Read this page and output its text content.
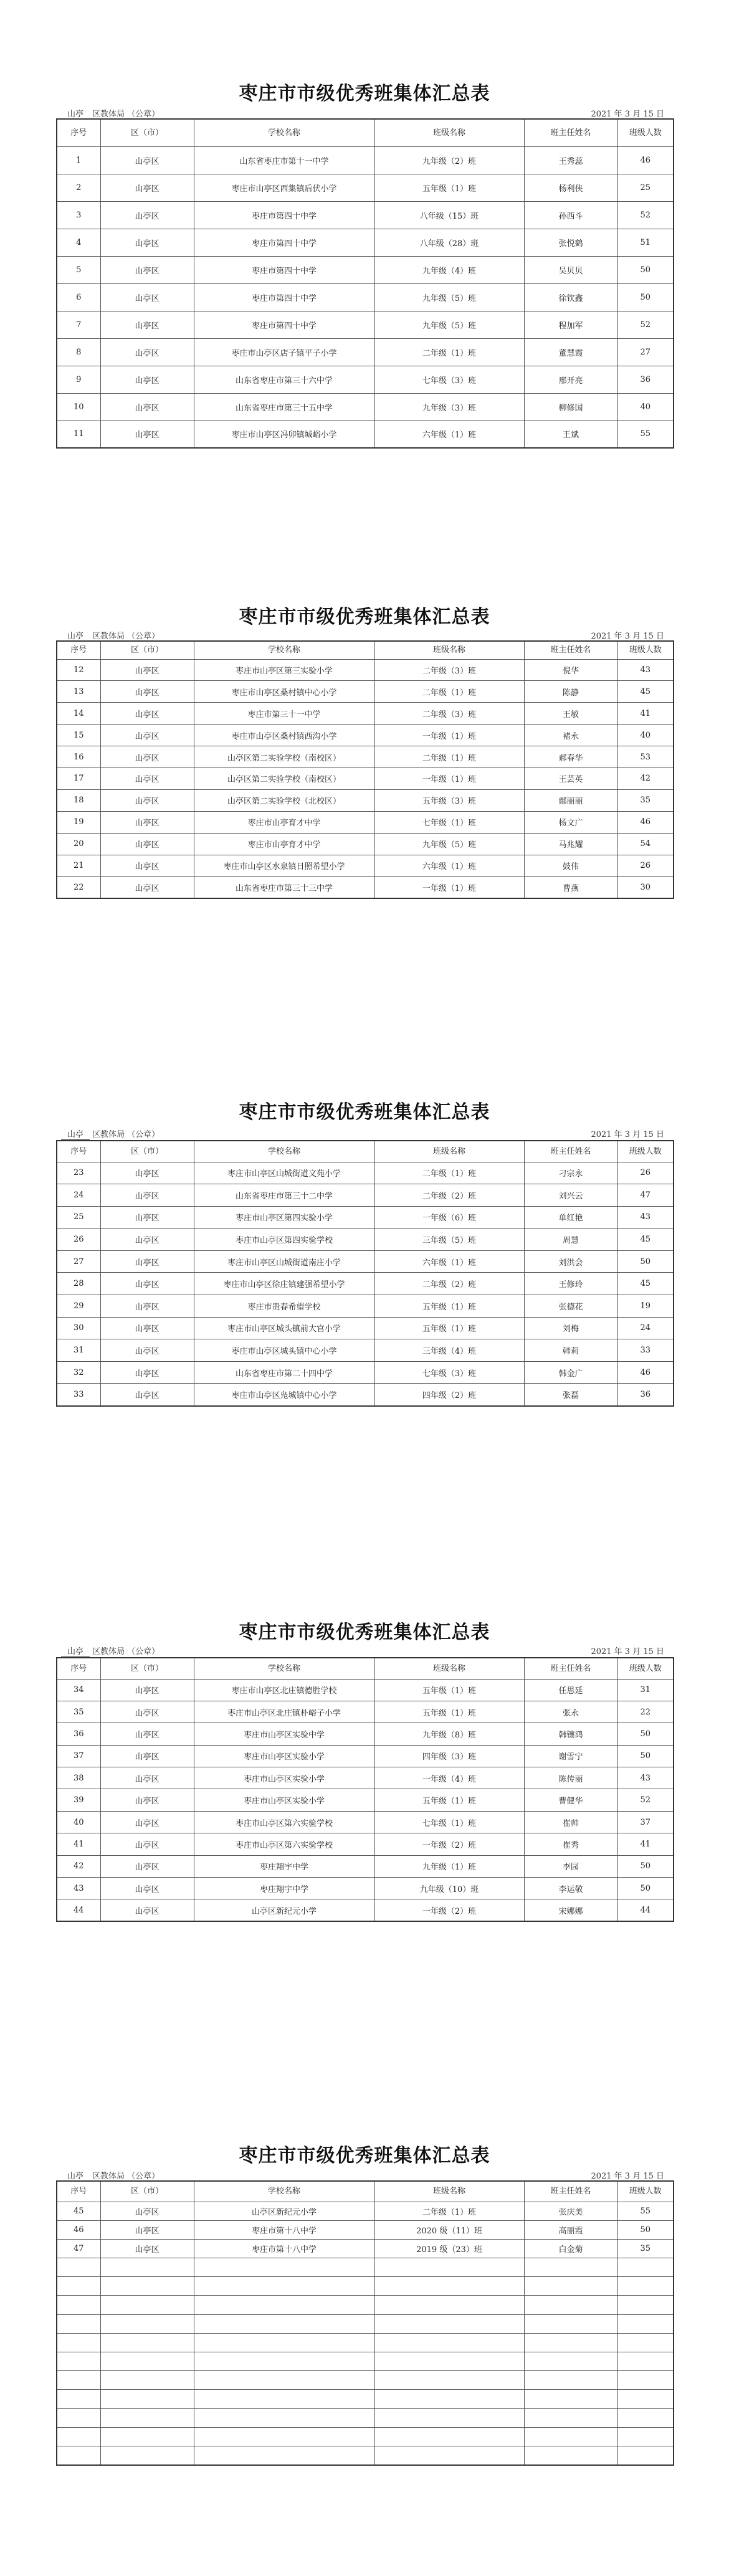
枣庄市市级优秀班集体汇总表
山亭 区教体局 （公章）	2021 年 3 月 15 日
序号	区（市）	学校名称	班级名称	班主任姓名	班级人数
1	山亭区	山东省枣庄市第十一中学	九年级（2）班	王秀蕊	46
2	山亭区	枣庄市山亭区西集镇后伏小学	五年级（1）班	杨利侠	25
3	山亭区	枣庄市第四十中学	八年级（15）班	孙西斗	52
4	山亭区	枣庄市第四十中学	八年级（28）班	张悦鹤	51
5	山亭区	枣庄市第四十中学	九年级（4）班	吴贝贝	50
6	山亭区	枣庄市第四十中学	九年级（5）班	徐钦鑫	50
7	山亭区	枣庄市第四十中学	九年级（5）班	程加军	52
8	山亭区	枣庄市山亭区店子镇平子小学	二年级（1）班	董慧霞	27
9	山亭区	山东省枣庄市第三十六中学	七年级（3）班	邢开亮	36
10	山亭区	山东省枣庄市第三十五中学	九年级（3）班	柳修国	40
11	山亭区	枣庄市山亭区冯卯镇城峪小学	六年级（1）班	王斌	55
枣庄市市级优秀班集体汇总表
山亭 区教体局 （公章）	2021 年 3 月 15 日
序号	区（市）	学校名称	班级名称	班主任姓名	班级人数
12	山亭区	枣庄市山亭区第三实验小学	二年级（3）班	倪华	43
13	山亭区	枣庄市山亭区桑村镇中心小学	二年级（1）班	陈静	45
14	山亭区	枣庄市第三十一中学	二年级（3）班	王敏	41
15	山亭区	枣庄市山亭区桑村镇西沟小学	一年级（1）班	褚永	40
16	山亭区	山亭区第二实验学校（南校区）	二年级（1）班	郝春华	53
17	山亭区	山亭区第二实验学校（南校区）	一年级（1）班	王芸英	42
18	山亭区	山亭区第二实验学校（北校区）	五年级（3）班	鄢丽丽	35
19	山亭区	枣庄市山亭育才中学	七年级（1）班	杨文广	46
20	山亭区	枣庄市山亭育才中学	九年级（5）班	马兆耀	54
21	山亭区	枣庄市山亭区水泉镇日照希望小学	六年级（1）班	鼓伟	26
22	山亭区	山东省枣庄市第三十三中学	一年级（1）班	曹燕	30
枣庄市市级优秀班集体汇总表
山亭 区教体局 （公章）	2021 年 3 月 15 日
序号	区（市）	学校名称	班级名称	班主任姓名	班级人数
23	山亭区	枣庄市山亭区山城街道文苑小学	二年级（1）班	刁宗永	26
24	山亭区	山东省枣庄市第三十二中学	二年级（2）班	刘兴云	47
25	山亭区	枣庄市山亭区第四实验小学	一年级（6）班	单红艳	43
26	山亭区	枣庄市山亭区第四实验学校	三年级（5）班	周慧	45
27	山亭区	枣庄市山亭区山城街道南庄小学	六年级（1）班	刘洪会	50
28	山亭区	枣庄市山亭区徐庄镇建强希望小学	二年级（2）班	王修玲	45
29	山亭区	枣庄市贵春希望学校	五年级（1）班	张德花	19
30	山亭区	枣庄市山亭区城头镇前大官小学	五年级（1）班	刘梅	24
31	山亭区	枣庄市山亭区城头镇中心小学	三年级（4）班	韩莉	33
32	山亭区	山东省枣庄市第二十四中学	七年级（3）班	韩金广	46
33	山亭区	枣庄市山亭区凫城镇中心小学	四年级（2）班	张磊	36
枣庄市市级优秀班集体汇总表
山亭 区教体局 （公章）	2021 年 3 月 15 日
序号	区（市）	学校名称	班级名称	班主任姓名	班级人数
34	山亭区	枣庄市山亭区北庄镇德胜学校	五年级（1）班	任思廷	31
35	山亭区	枣庄市山亭区北庄镇朴峪子小学	五年级（1）班	张永	22
36	山亭区	枣庄市山亭区实验中学	九年级（8）班	韩镶鸿	50
37	山亭区	枣庄市山亭区实验小学	四年级（3）班	谢雪宁	50
38	山亭区	枣庄市山亭区实验小学	一年级（4）班	陈传丽	43
39	山亭区	枣庄市山亭区实验小学	五年级（1）班	曹健华	52
40	山亭区	枣庄市山亭区第六实验学校	七年级（1）班	崔帅	37
41	山亭区	枣庄市山亭区第六实验学校	一年级（2）班	崔秀	41
42	山亭区	枣庄翔宇中学	九年级（1）班	李园	50
43	山亭区	枣庄翔宇中学	九年级（10）班	李运敬	50
44	山亭区	山亭区新纪元小学	一年级（2）班	宋娜娜	44
枣庄市市级优秀班集体汇总表
山亭 区教体局 （公章）	2021 年 3 月 15 日
序号	区（市）	学校名称	班级名称	班主任姓名	班级人数
45	山亭区	山亭区新纪元小学	二年级（1）班	张庆美	55
46	山亭区	枣庄市第十八中学	2020 级（11）班	高丽霞	50
47	山亭区	枣庄市第十八中学	2019 级（23）班	白金菊	35
